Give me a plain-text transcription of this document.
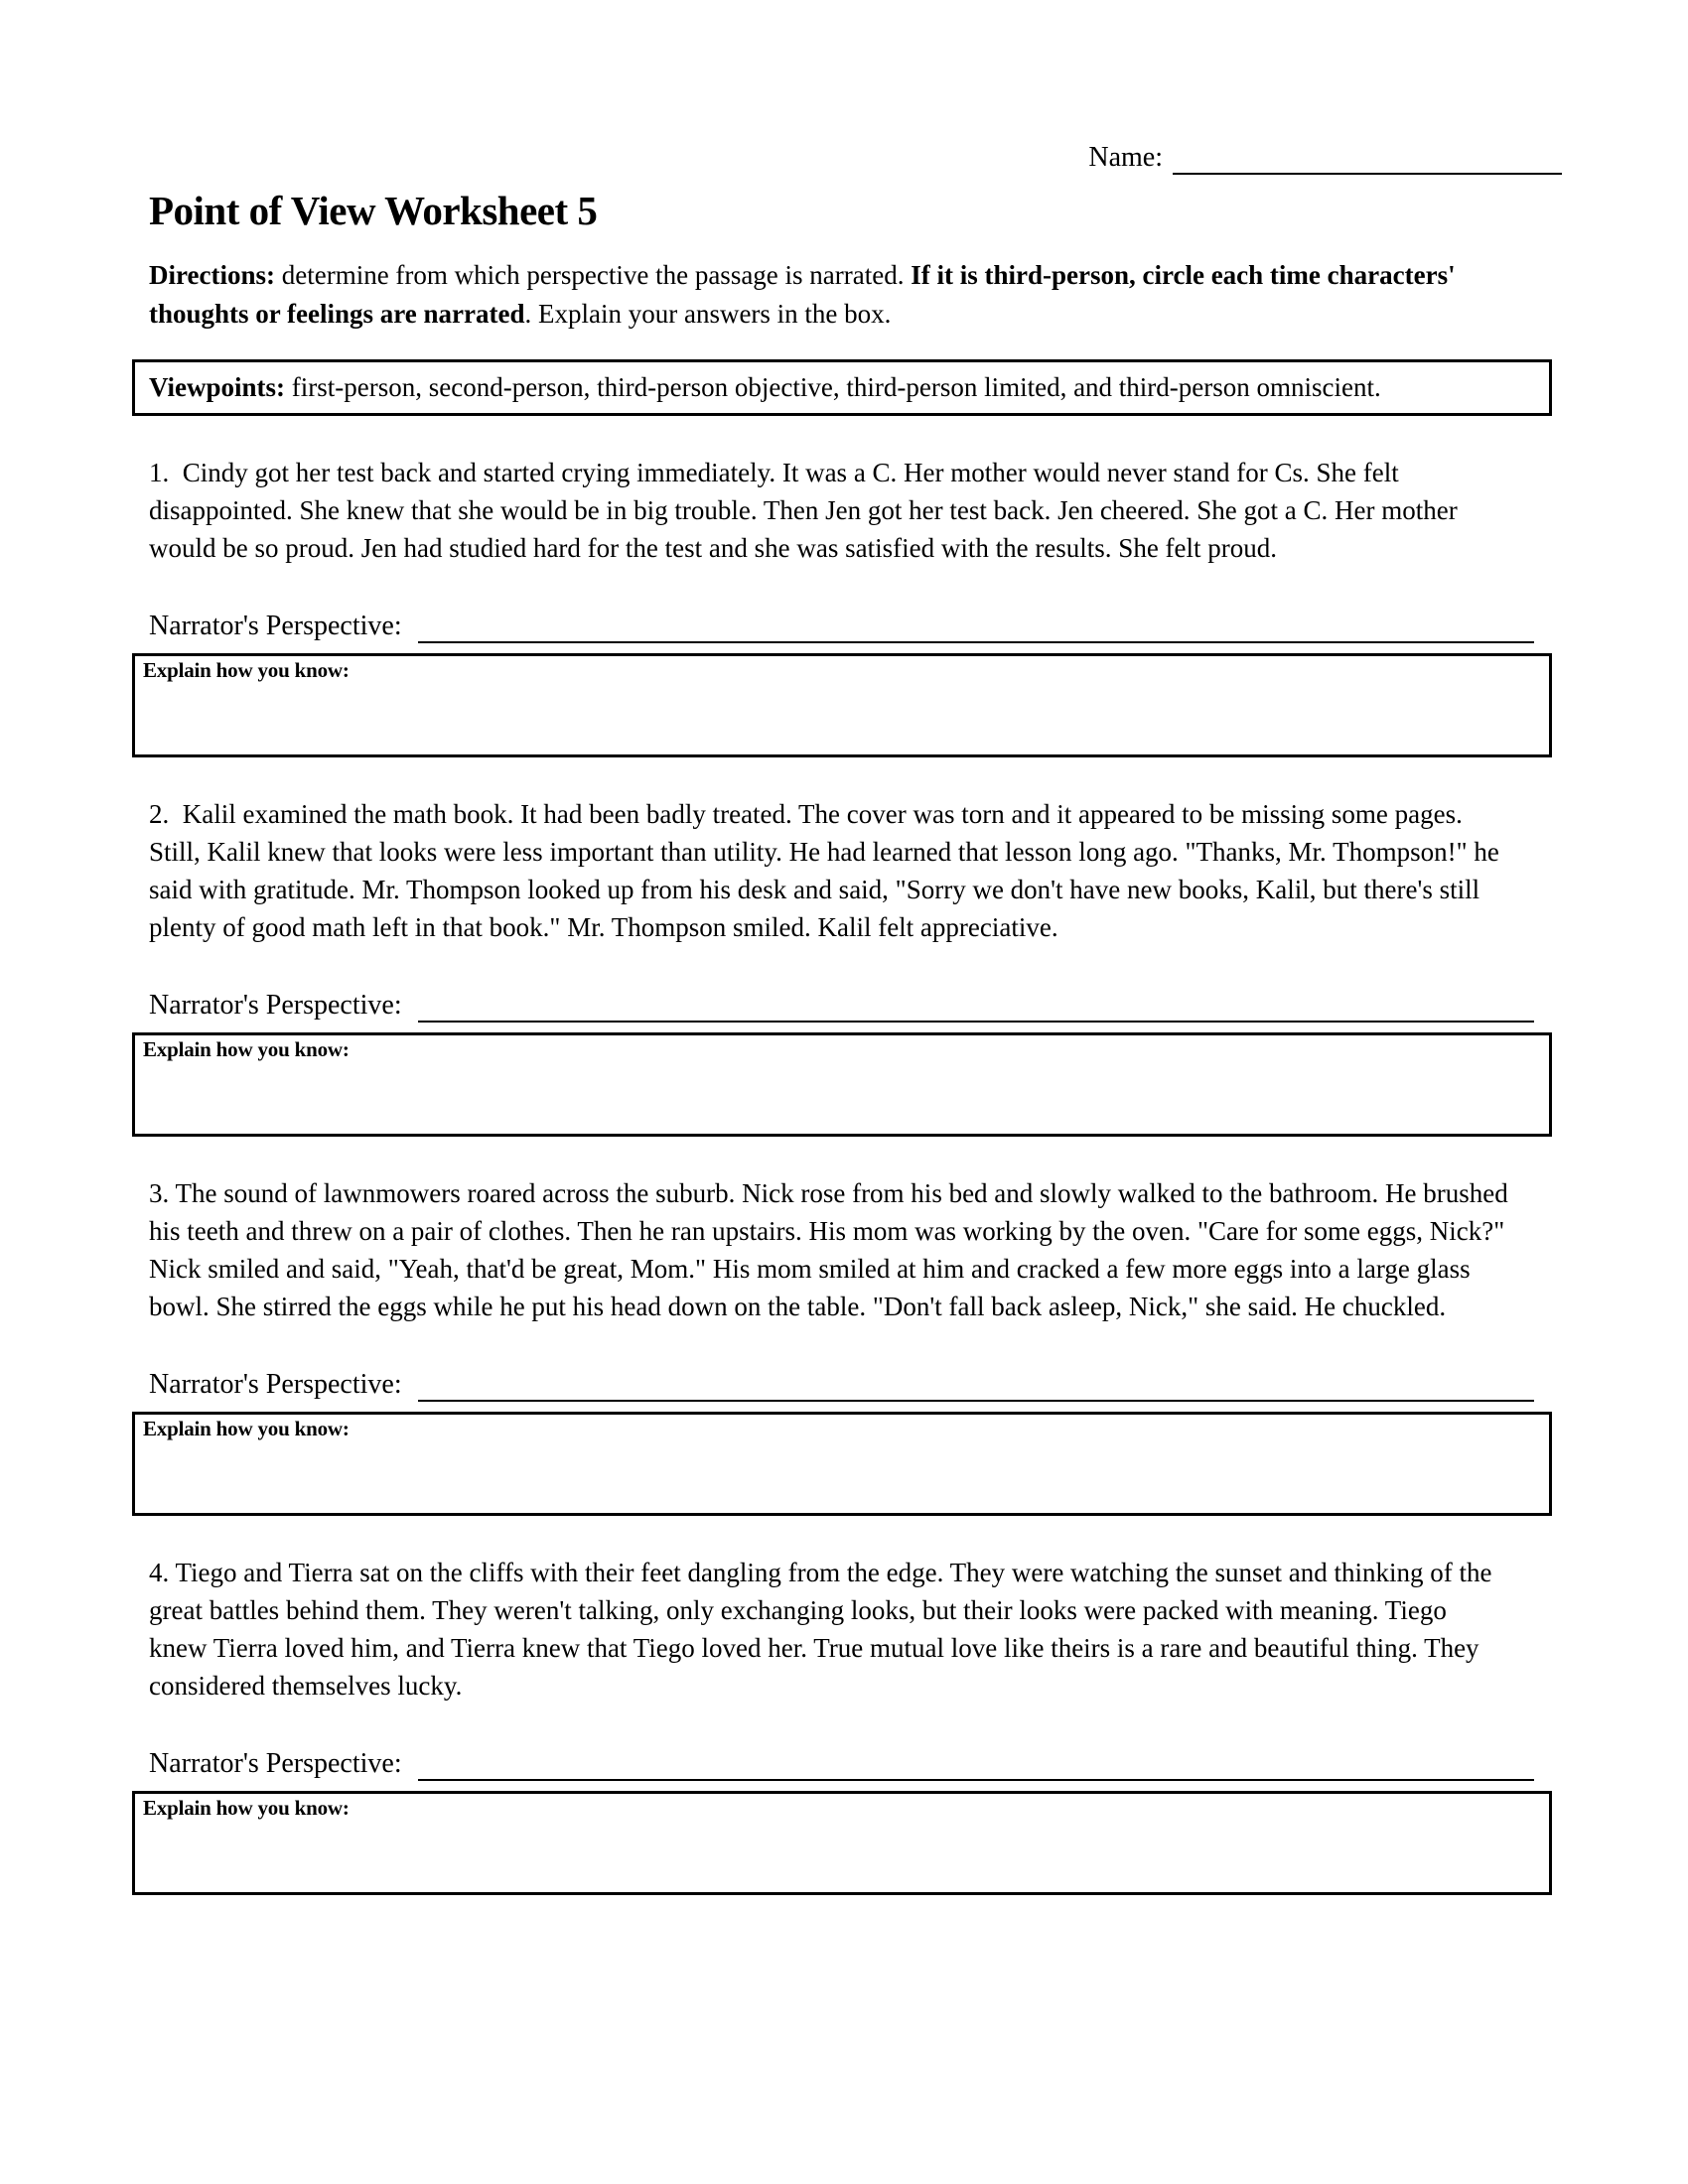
Name:
Point of View Worksheet 5
Directions: determine from which perspective the passage is narrated. If it is third-person, circle each time characters' thoughts or feelings are narrated. Explain your answers in the box.
Viewpoints: first-person, second-person, third-person objective, third-person limited, and third-person omniscient.
1.  Cindy got her test back and started crying immediately. It was a C. Her mother would never stand for Cs. She felt disappointed. She knew that she would be in big trouble. Then Jen got her test back. Jen cheered. She got a C. Her mother would be so proud. Jen had studied hard for the test and she was satisfied with the results. She felt proud.
Narrator's Perspective:
Explain how you know:
2.  Kalil examined the math book. It had been badly treated. The cover was torn and it appeared to be missing some pages. Still, Kalil knew that looks were less important than utility. He had learned that lesson long ago. "Thanks, Mr. Thompson!" he said with gratitude. Mr. Thompson looked up from his desk and said, "Sorry we don't have new books, Kalil, but there's still plenty of good math left in that book." Mr. Thompson smiled. Kalil felt appreciative.
Narrator's Perspective:
Explain how you know:
3. The sound of lawnmowers roared across the suburb. Nick rose from his bed and slowly walked to the bathroom. He brushed his teeth and threw on a pair of clothes. Then he ran upstairs. His mom was working by the oven. "Care for some eggs, Nick?" Nick smiled and said, "Yeah, that'd be great, Mom." His mom smiled at him and cracked a few more eggs into a large glass bowl. She stirred the eggs while he put his head down on the table. "Don't fall back asleep, Nick," she said. He chuckled.
Narrator's Perspective:
Explain how you know:
4. Tiego and Tierra sat on the cliffs with their feet dangling from the edge. They were watching the sunset and thinking of the great battles behind them. They weren't talking, only exchanging looks, but their looks were packed with meaning. Tiego knew Tierra loved him, and Tierra knew that Tiego loved her. True mutual love like theirs is a rare and beautiful thing. They considered themselves lucky.
Narrator's Perspective:
Explain how you know:
